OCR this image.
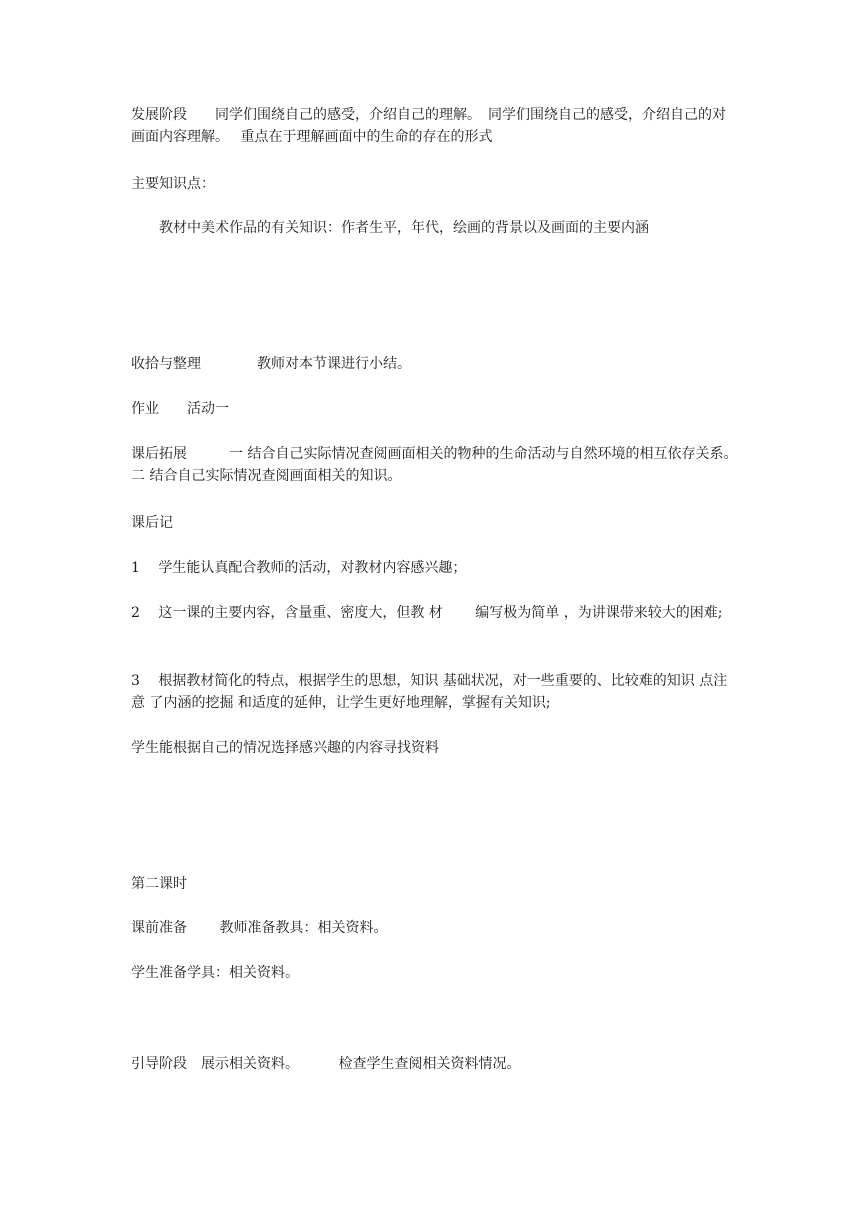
发展阶段　　同学们围绕自己的感受，介绍自己的理解。　同学们围绕自己的感受，介绍自己的对画面内容理解。　 重点在于理解画面中的生命的存在的形式

主要知识点：

　　教材中美术作品的有关知识：作者生平，年代，绘画的背景以及画面的主要内涵

收拾与整理　　　　教师对本节课进行小结。

作业　　活动一

课后拓展　　　一 结合自己实际情况查阅画面相关的物种的生命活动与自然环境的相互依存关系。　二 结合自己实际情况查阅画面相关的知识。

课后记

1　 学生能认真配合教师的活动，对教材内容感兴趣；

2　 这一课的主要内容，含量重、密度大，但教 材　　 编写极为简单 ，为讲课带来较大的困难;

3　 根据教材简化的特点，根据学生的思想，知识 基础状况，对一些重要的、比较难的知识 点注意 了内涵的挖掘 和适度的延伸，让学生更好地理解，掌握有关知识;

学生能根据自己的情况选择感兴趣的内容寻找资料

第二课时

课前准备　　 教师准备教具：相关资料。

学生准备学具：相关资料。

引导阶段　展示相关资料。　　　 检查学生查阅相关资料情况。
